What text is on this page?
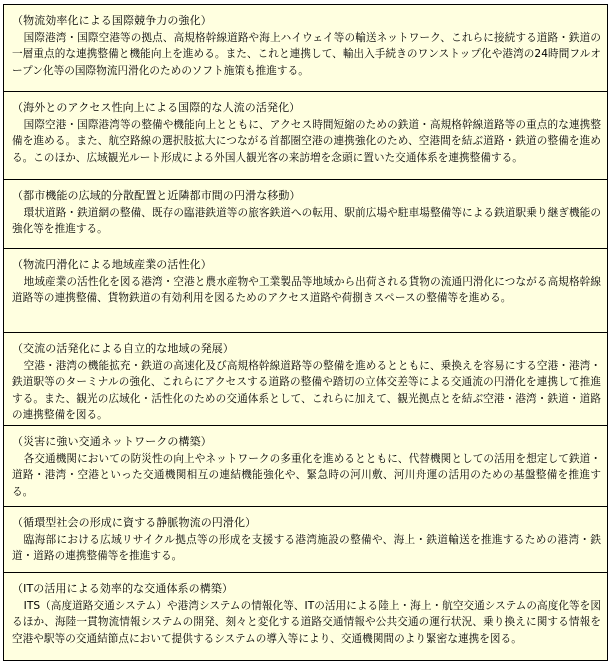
（物流効率化による国際競争力の強化）
国際港湾・国際空港等の拠点、高規格幹線道路や海上ハイウェイ等の輸送ネットワーク、これらに接続する道路・鉄道の一層重点的な連携整備と機能向上を進める。また、これと連携して、輸出入手続きのワンストップ化や港湾の24時間フルオープン化等の国際物流円滑化のためのソフト施策も推進する。
（海外とのアクセス性向上による国際的な人流の活発化）
国際空港・国際港湾等の整備や機能向上とともに、アクセス時間短縮のための鉄道・高規格幹線道路等の重点的な連携整備を進める。また、航空路線の選択肢拡大につながる首都圏空港の連携強化のため、空港間を結ぶ道路・鉄道の整備を進める。このほか、広域観光ルート形成による外国人観光客の来訪増を念頭に置いた交通体系を連携整備する。
（都市機能の広域的分散配置と近隣都市間の円滑な移動）
環状道路・鉄道網の整備、既存の臨港鉄道等の旅客鉄道への転用、駅前広場や駐車場整備等による鉄道駅乗り継ぎ機能の強化等を推進する。
（物流円滑化による地域産業の活性化）
地域産業の活性化を図る港湾・空港と農水産物や工業製品等地域から出荷される貨物の流通円滑化につながる高規格幹線道路等の連携整備、貨物鉄道の有効利用を図るためのアクセス道路や荷捌きスペースの整備等を進める。
（交流の活発化による自立的な地域の発展）
空港・港湾の機能拡充・鉄道の高速化及び高規格幹線道路等の整備を進めるとともに、乗換えを容易にする空港・港湾・鉄道駅等のターミナルの強化、これらにアクセスする道路の整備や踏切の立体交差等による交通流の円滑化を連携して推進する。また、観光の広域化・活性化のための交通体系として、これらに加えて、観光拠点とを結ぶ空港・港湾・鉄道・道路の連携整備を図る。
（災害に強い交通ネットワークの構築）
各交通機関においての防災性の向上やネットワークの多重化を進めるとともに、代替機関としての活用を想定して鉄道・道路・港湾・空港といった交通機関相互の連結機能強化や、緊急時の河川敷、河川舟運の活用のための基盤整備を推進する。
（循環型社会の形成に資する静脈物流の円滑化）
臨海部における広域リサイクル拠点等の形成を支援する港湾施設の整備や、海上・鉄道輸送を推進するための港湾・鉄道・道路の連携整備等を推進する。
（ITの活用による効率的な交通体系の構築）
ITS（高度道路交通システム）や港湾システムの情報化等、ITの活用による陸上・海上・航空交通システムの高度化等を図るほか、海陸一貫物流情報システムの開発、刻々と変化する道路交通情報や公共交通の運行状況、乗り換えに関する情報を空港や駅等の交通結節点において提供するシステムの導入等により、交通機関間のより緊密な連携を図る。
